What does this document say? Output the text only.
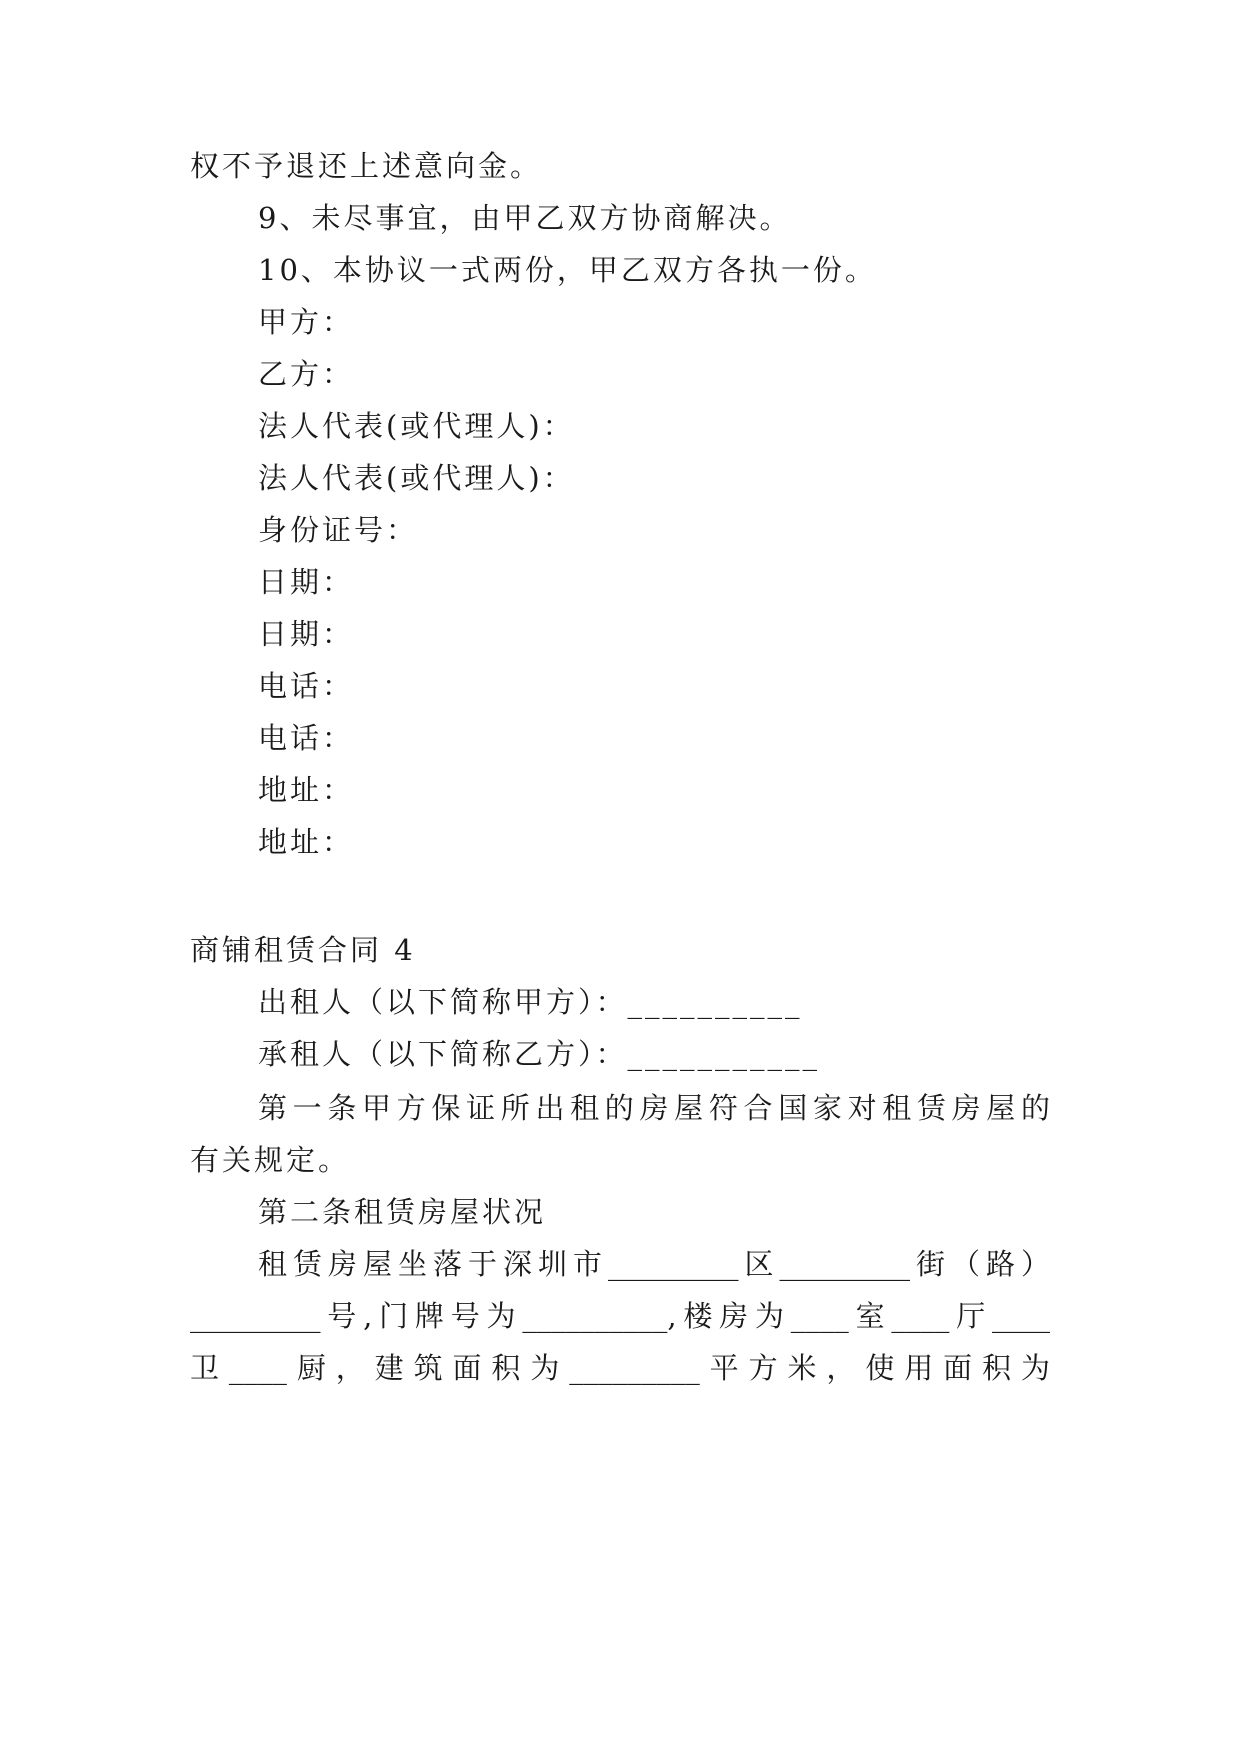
权不予退还上述意向金。
9、未尽事宜，由甲乙双方协商解决。
10、本协议一式两份，甲乙双方各执一份。
甲方：
乙方：
法人代表(或代理人)：
法人代表(或代理人)：
身份证号：
日期：
日期：
电话：
电话：
地址：
地址：
商铺租赁合同 4
出租人（以下简称甲方）：__________
承租人（以下简称乙方）：___________
第一条甲方保证所出租的房屋符合国家对租赁房屋的
有关规定。
第二条租赁房屋状况
租赁房屋坐落于深圳市_________区_________街（路）
_________号,门牌号为__________,楼房为____室____厅____
卫____厨，建筑面积为_________平方米，使用面积为
